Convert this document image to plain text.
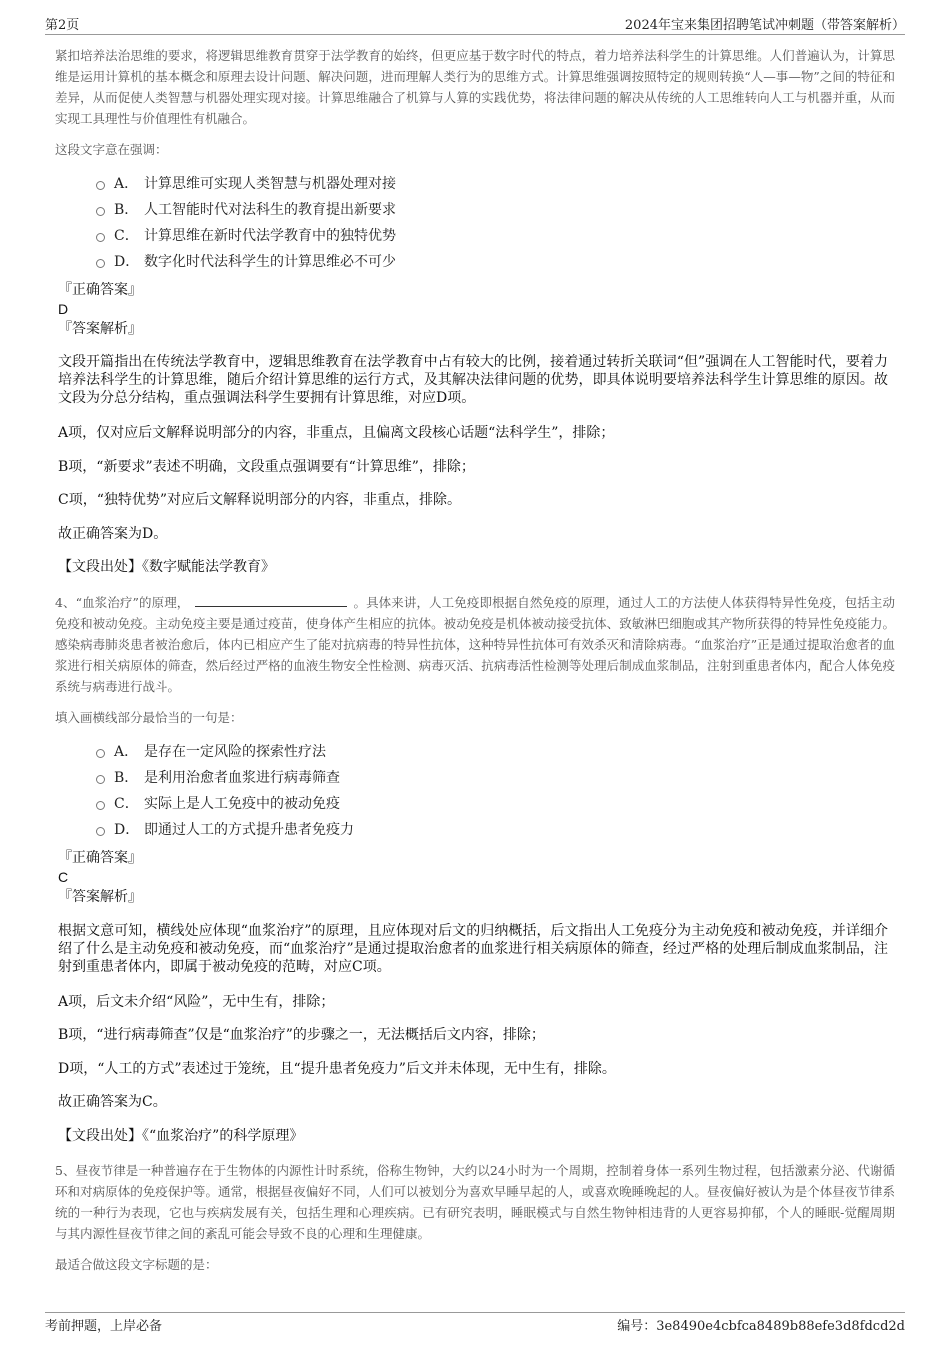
第2页	2024年宝来集团招聘笔试冲刺题（带答案解析）
紧扣培养法治思维的要求，将逻辑思维教育贯穿于法学教育的始终，但更应基于数字时代的特点，着力培养法科学生的计算思维。人们普遍认为，计算思维是运用计算机的基本概念和原理去设计问题、解决问题，进而理解人类行为的思维方式。计算思维强调按照特定的规则转换“人—事—物”之间的特征和差异，从而促使人类智慧与机器处理实现对接。计算思维融合了机算与人算的实践优势，将法律问题的解决从传统的人工思维转向人工与机器并重，从而实现工具理性与价值理性有机融合。
这段文字意在强调：
A． 计算思维可实现人类智慧与机器处理对接
B． 人工智能时代对法科生的教育提出新要求
C． 计算思维在新时代法学教育中的独特优势
D． 数字化时代法科学生的计算思维必不可少
『正确答案』
D
『答案解析』
文段开篇指出在传统法学教育中，逻辑思维教育在法学教育中占有较大的比例，接着通过转折关联词“但”强调在人工智能时代，要着力培养法科学生的计算思维，随后介绍计算思维的运行方式，及其解决法律问题的优势，即具体说明要培养法科学生计算思维的原因。故文段为分总分结构，重点强调法科学生要拥有计算思维，对应D项。
A项，仅对应后文解释说明部分的内容，非重点，且偏离文段核心话题“法科学生”，排除；
B项，“新要求”表述不明确，文段重点强调要有“计算思维”，排除；
C项，“独特优势”对应后文解释说明部分的内容，非重点，排除。
故正确答案为D。
【文段出处】《数字赋能法学教育》
4、“血浆治疗”的原理，	。具体来讲，人工免疫即根据自然免疫的原理，通过人工的方法使人体获得特异性免疫，包括主动免疫和被动免疫。主动免疫主要是通过疫苗，使身体产生相应的抗体。被动免疫是机体被动接受抗体、致敏淋巴细胞或其产物所获得的特异性免疫能力。感染病毒肺炎患者被治愈后，体内已相应产生了能对抗病毒的特异性抗体，这种特异性抗体可有效杀灭和清除病毒。“血浆治疗”正是通过提取治愈者的血浆进行相关病原体的筛查，然后经过严格的血液生物安全性检测、病毒灭活、抗病毒活性检测等处理后制成血浆制品，注射到重患者体内，配合人体免疫系统与病毒进行战斗。
填入画横线部分最恰当的一句是：
A． 是存在一定风险的探索性疗法
B． 是利用治愈者血浆进行病毒筛查
C． 实际上是人工免疫中的被动免疫
D． 即通过人工的方式提升患者免疫力
『正确答案』
C
『答案解析』
根据文意可知，横线处应体现“血浆治疗”的原理，且应体现对后文的归纳概括，后文指出人工免疫分为主动免疫和被动免疫，并详细介绍了什么是主动免疫和被动免疫，而“血浆治疗”是通过提取治愈者的血浆进行相关病原体的筛查，经过严格的处理后制成血浆制品，注射到重患者体内，即属于被动免疫的范畴，对应C项。
A项，后文未介绍“风险”，无中生有，排除；
B项，“进行病毒筛查”仅是“血浆治疗”的步骤之一，无法概括后文内容，排除；
D项，“人工的方式”表述过于笼统，且“提升患者免疫力”后文并未体现，无中生有，排除。
故正确答案为C。
【文段出处】《“血浆治疗”的科学原理》
5、昼夜节律是一种普遍存在于生物体的内源性计时系统，俗称生物钟，大约以24小时为一个周期，控制着身体一系列生物过程，包括激素分泌、代谢循环和对病原体的免疫保护等。通常，根据昼夜偏好不同，人们可以被划分为喜欢早睡早起的人，或喜欢晚睡晚起的人。昼夜偏好被认为是个体昼夜节律系统的一种行为表现，它也与疾病发展有关，包括生理和心理疾病。已有研究表明，睡眠模式与自然生物钟相违背的人更容易抑郁，个人的睡眠-觉醒周期与其内源性昼夜节律之间的紊乱可能会导致不良的心理和生理健康。
最适合做这段文字标题的是：
考前押题，上岸必备	编号：3e8490e4cbfca8489b88efe3d8fdcd2d
